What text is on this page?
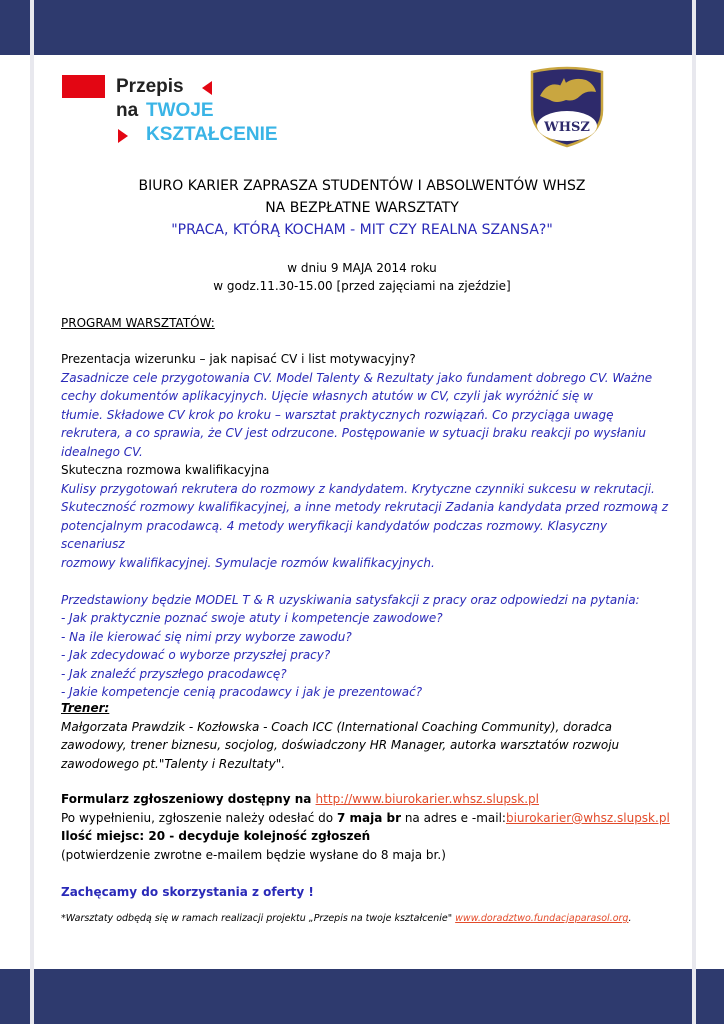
Przepis
na TWOJE
KSZTAŁCENIE	WHSZ
BIURO KARIER ZAPRASZA STUDENTÓW I ABSOLWENTÓW WHSZ
NA BEZPŁATNE WARSZTATY
"PRACA, KTÓRĄ KOCHAM - MIT CZY REALNA SZANSA?"
w dniu 9 MAJA 2014 roku
w godz.11.30-15.00 [przed zajęciami na zjeździe]
PROGRAM WARSZTATÓW:
Prezentacja wizerunku – jak napisać CV i list motywacyjny?
Zasadnicze cele przygotowania CV. Model Talenty & Rezultaty jako fundament dobrego CV. Ważne
cechy dokumentów aplikacyjnych. Ujęcie własnych atutów w CV, czyli jak wyróżnić się w
tłumie. Składowe CV krok po kroku – warsztat praktycznych rozwiązań. Co przyciąga uwagę
rekrutera, a co sprawia, że CV jest odrzucone. Postępowanie w sytuacji braku reakcji po wysłaniu
idealnego CV.
Skuteczna rozmowa kwalifikacyjna
Kulisy przygotowań rekrutera do rozmowy z kandydatem. Krytyczne czynniki sukcesu w rekrutacji.
Skuteczność rozmowy kwalifikacyjnej, a inne metody rekrutacji Zadania kandydata przed rozmową z
potencjalnym pracodawcą. 4 metody weryfikacji kandydatów podczas rozmowy. Klasyczny scenariusz
rozmowy kwalifikacyjnej. Symulacje rozmów kwalifikacyjnych.
Przedstawiony będzie MODEL T & R uzyskiwania satysfakcji z pracy oraz odpowiedzi na pytania:
- Jak praktycznie poznać swoje atuty i kompetencje zawodowe?
- Na ile kierować się nimi przy wyborze zawodu?
- Jak zdecydować o wyborze przyszłej pracy?
- Jak znaleźć przyszłego pracodawcę?
- Jakie kompetencje cenią pracodawcy i jak je prezentować?
Trener:
Małgorzata Prawdzik - Kozłowska - Coach ICC (International Coaching Community), doradca
zawodowy, trener biznesu, socjolog, doświadczony HR Manager, autorka warsztatów rozwoju
zawodowego pt."Talenty i Rezultaty".
Formularz zgłoszeniowy dostępny na http://www.biurokarier.whsz.slupsk.pl
Po wypełnieniu, zgłoszenie należy odesłać do 7 maja br na adres e -mail:biurokarier@whsz.slupsk.pl
Ilość miejsc: 20 - decyduje kolejność zgłoszeń
(potwierdzenie zwrotne e-mailem będzie wysłane do 8 maja br.)
Zachęcamy do skorzystania z oferty !
*Warsztaty odbędą się w ramach realizacji projektu „Przepis na twoje kształcenie" www.doradztwo.fundacjaparasol.org.
